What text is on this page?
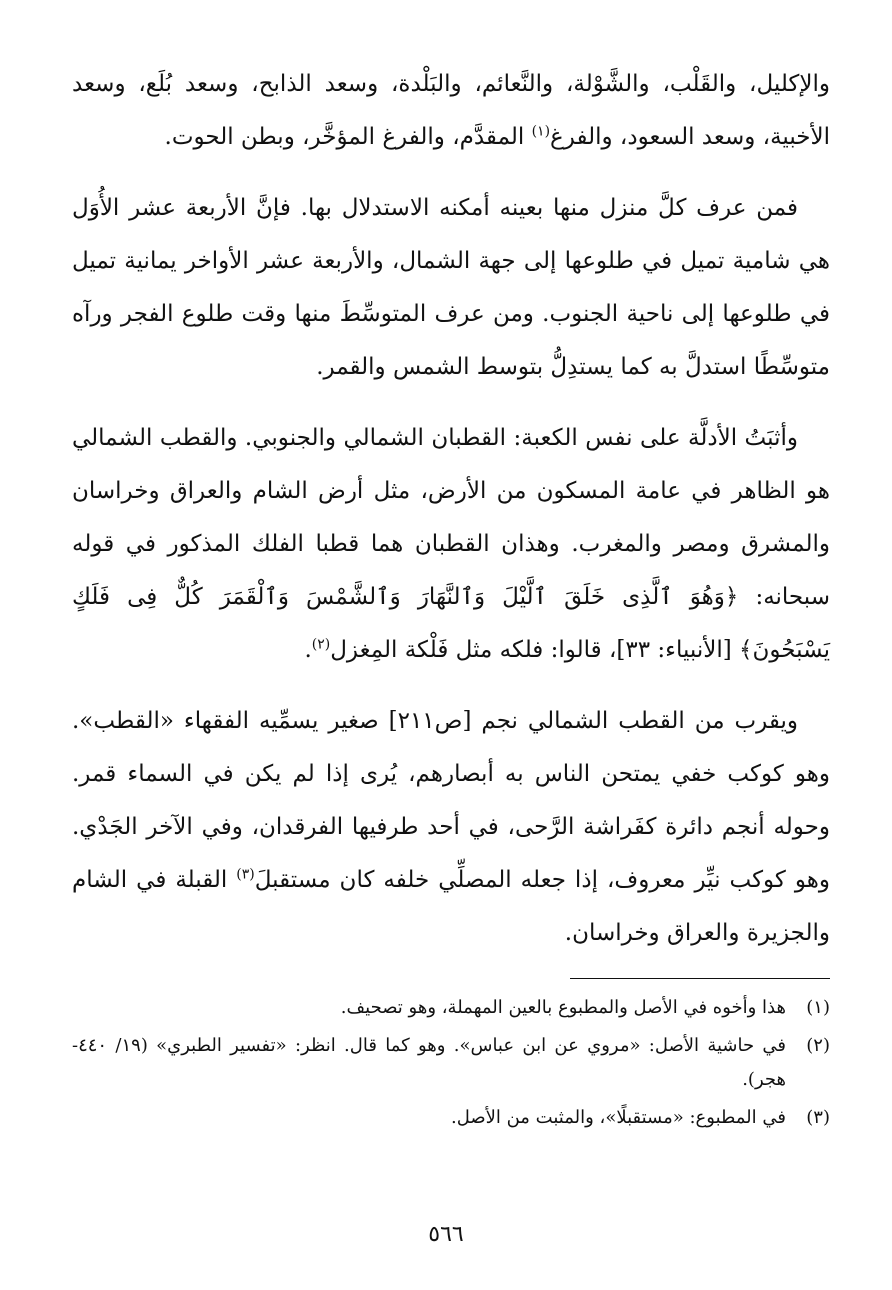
والإكليل، والقَلْب، والشَّوْلة، والنَّعائم، والبَلْدة، وسعد الذابح، وسعد بُلَع، وسعد الأخبية، وسعد السعود، والفرغ$^{(١)}$ المقدَّم، والفرغ المؤخَّر، وبطن الحوت.

فمن عرف كلَّ منزل منها بعينه أمكنه الاستدلال بها. فإنَّ الأربعة عشر الأُوَل هي شامية تميل في طلوعها إلى جهة الشمال، والأربعة عشر الأواخر يمانية تميل في طلوعها إلى ناحية الجنوب. ومن عرف المتوسِّطَ منها وقت طلوع الفجر ورآه متوسِّطًا استدلَّ به كما يستدِلُّ بتوسط الشمس والقمر.

وأثبَتُ الأدلَّة على نفس الكعبة: القطبان الشمالي والجنوبي. والقطب الشمالي هو الظاهر في عامة المسكون من الأرض، مثل أرض الشام والعراق وخراسان والمشرق ومصر والمغرب. وهذان القطبان هما قطبا الفلك المذكور في قوله سبحانه: ﴿وَهُوَ ٱلَّذِى خَلَقَ ٱلَّيْلَ وَٱلنَّهَارَ وَٱلشَّمْسَ وَٱلْقَمَرَ كُلٌّ فِى فَلَكٍ يَسْبَحُونَ﴾ [الأنبياء: ٣٣]، قالوا: فلكه مثل فَلْكة المِغزل$^{(٢)}$.

ويقرب من القطب الشمالي نجم [ص٢١١] صغير يسمِّيه الفقهاء «القطب». وهو كوكب خفي يمتحن الناس به أبصارهم، يُرى إذا لم يكن في السماء قمر. وحوله أنجم دائرة كفَراشة الرَّحى، في أحد طرفيها الفرقدان، وفي الآخر الجَدْي. وهو كوكب نيِّر معروف، إذا جعله المصلِّي خلفه كان مستقبلَ$^{(٣)}$ القبلة في الشام والجزيرة والعراق وخراسان.

(١)
هذا وأخوه في الأصل والمطبوع بالعين المهملة، وهو تصحيف.
(٢)
في حاشية الأصل: «مروي عن ابن عباس». وهو كما قال. انظر: «تفسير الطبري» (١٩/ ٤٤٠- هجر).
(٣)
في المطبوع: «مستقبلًا»، والمثبت من الأصل.
٥٦٦
